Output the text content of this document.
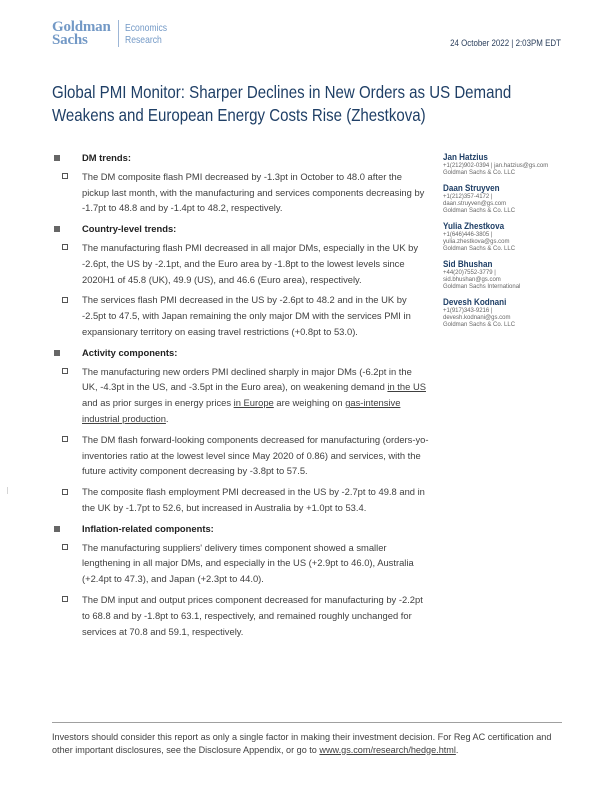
Goldman
Sachs
Economics
Research	24 October 2022 | 2:03PM EDT
Global PMI Monitor: Sharper Declines in New Orders as US Demand Weakens and European Energy Costs Rise (Zhestkova)
DM trends:
The DM composite flash PMI decreased by -1.3pt in October to 48.0 after the pickup last month, with the manufacturing and services components decreasing by -1.7pt to 48.8 and by -1.4pt to 48.2, respectively.
Country-level trends:
The manufacturing flash PMI decreased in all major DMs, especially in the UK by -2.6pt, the US by -2.1pt, and the Euro area by -1.8pt to the lowest levels since 2020H1 of 45.8 (UK), 49.9 (US), and 46.6 (Euro area), respectively.
The services flash PMI decreased in the US by -2.6pt to 48.2 and in the UK by -2.5pt to 47.5, with Japan remaining the only major DM with the services PMI in expansionary territory on easing travel restrictions (+0.8pt to 53.0).
Activity components:
The manufacturing new orders PMI declined sharply in major DMs (-6.2pt in the UK, -4.3pt in the US, and -3.5pt in the Euro area), on weakening demand in the US and as prior surges in energy prices in Europe are weighing on gas-intensive industrial production.
The DM flash forward-looking components decreased for manufacturing (orders-yo-inventories ratio at the lowest level since May 2020 of 0.86) and services, with the future activity component decreasing by -3.8pt to 57.5.
The composite flash employment PMI decreased in the US by -2.7pt to 49.8 and in the UK by -1.7pt to 52.6, but increased in Australia by +1.0pt to 53.4.
Inflation-related components:
The manufacturing suppliers' delivery times component showed a smaller lengthening in all major DMs, and especially in the US (+2.9pt to 46.0), Australia (+2.4pt to 47.3), and Japan (+2.3pt to 44.0).
The DM input and output prices component decreased for manufacturing by -2.2pt to 68.8 and by -1.8pt to 63.1, respectively, and remained roughly unchanged for services at 70.8 and 59.1, respectively.
Jan Hatzius
+1(212)902-0394 | jan.hatzius@gs.com
Goldman Sachs & Co. LLC
Daan Struyven
+1(212)357-4172 |
daan.struyven@gs.com
Goldman Sachs & Co. LLC
Yulia Zhestkova
+1(646)446-3805 |
yulia.zhestkova@gs.com
Goldman Sachs & Co. LLC
Sid Bhushan
+44(20)7552-3779 |
sid.bhushan@gs.com
Goldman Sachs International
Devesh Kodnani
+1(917)343-9216 |
devesh.kodnani@gs.com
Goldman Sachs & Co. LLC
Investors should consider this report as only a single factor in making their investment decision. For Reg AC certification and other important disclosures, see the Disclosure Appendix, or go to www.gs.com/research/hedge.html.
